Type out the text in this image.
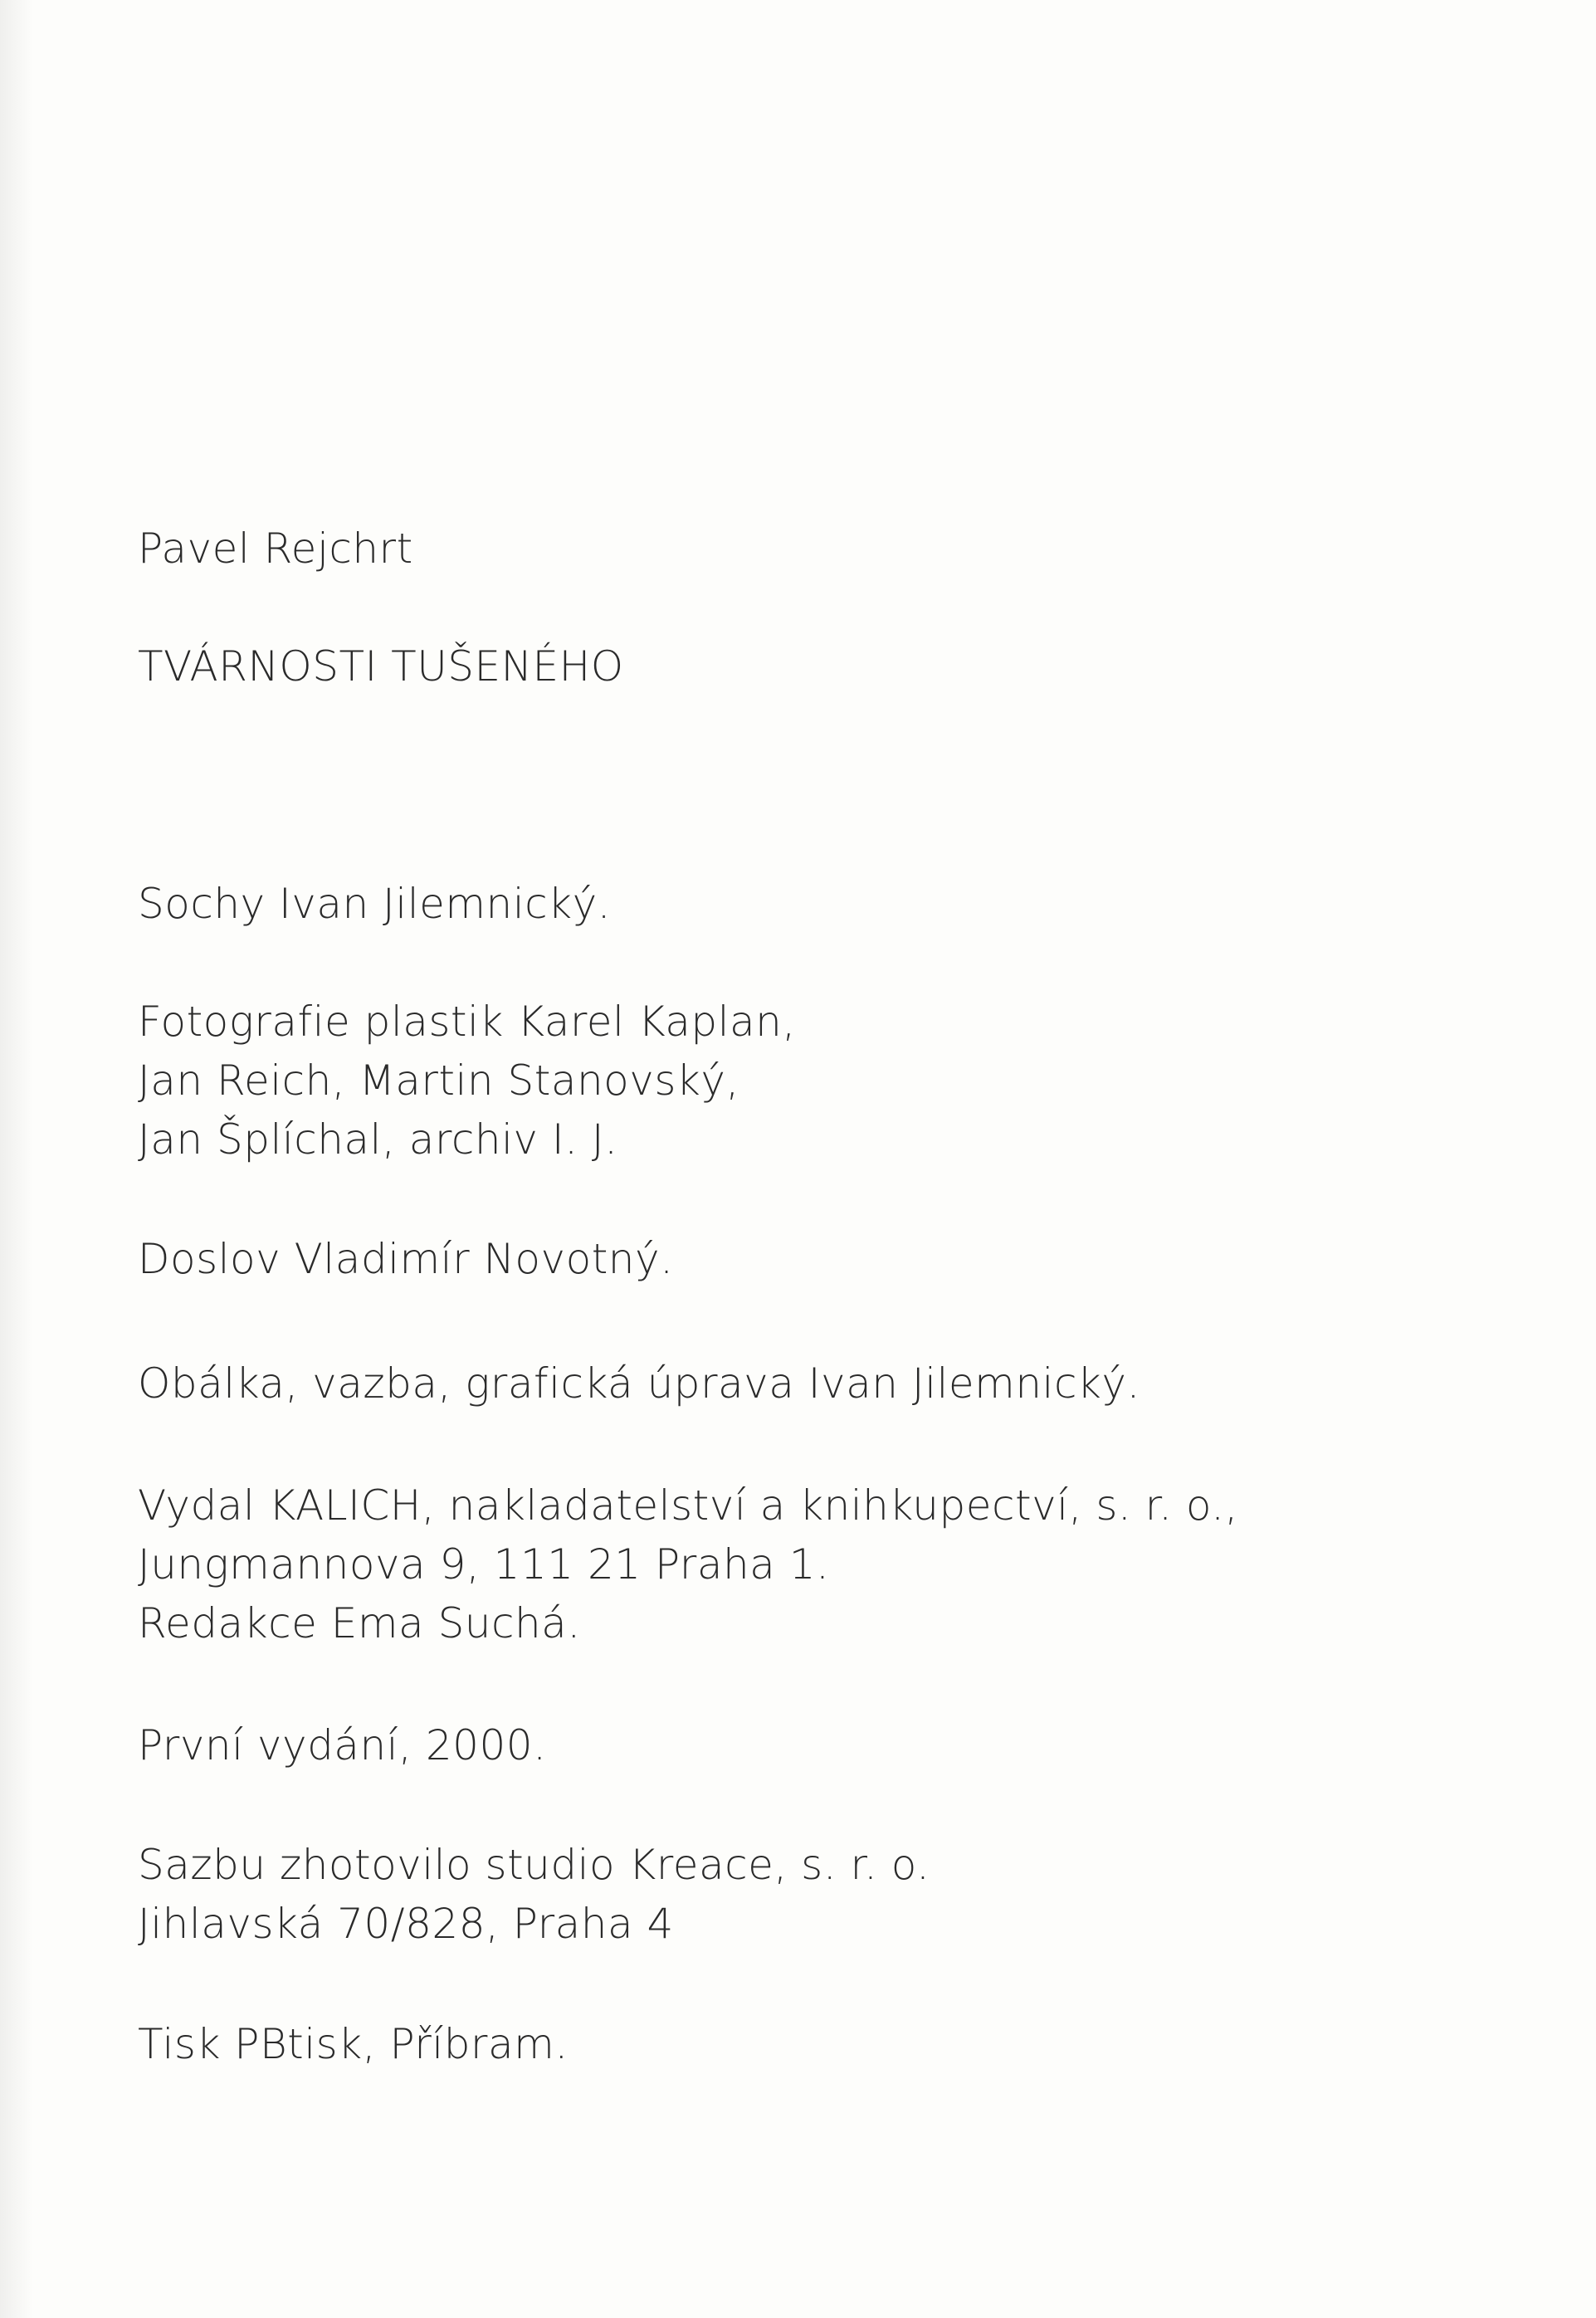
Pavel Rejchrt
TVÁRNOSTI TUŠENÉHO
Sochy Ivan Jilemnický.
Fotografie plastik Karel Kaplan,
Jan Reich, Martin Stanovský,
Jan Šplíchal, archiv I. J.
Doslov Vladimír Novotný.
Obálka, vazba, grafická úprava Ivan Jilemnický.
Vydal KALICH, nakladatelství a knihkupectví, s. r. o.,
Jungmannova 9, 111 21 Praha 1.
Redakce Ema Suchá.
První vydání, 2000.
Sazbu zhotovilo studio Kreace, s. r. o.
Jihlavská 70/828, Praha 4
Tisk PBtisk, Příbram.
